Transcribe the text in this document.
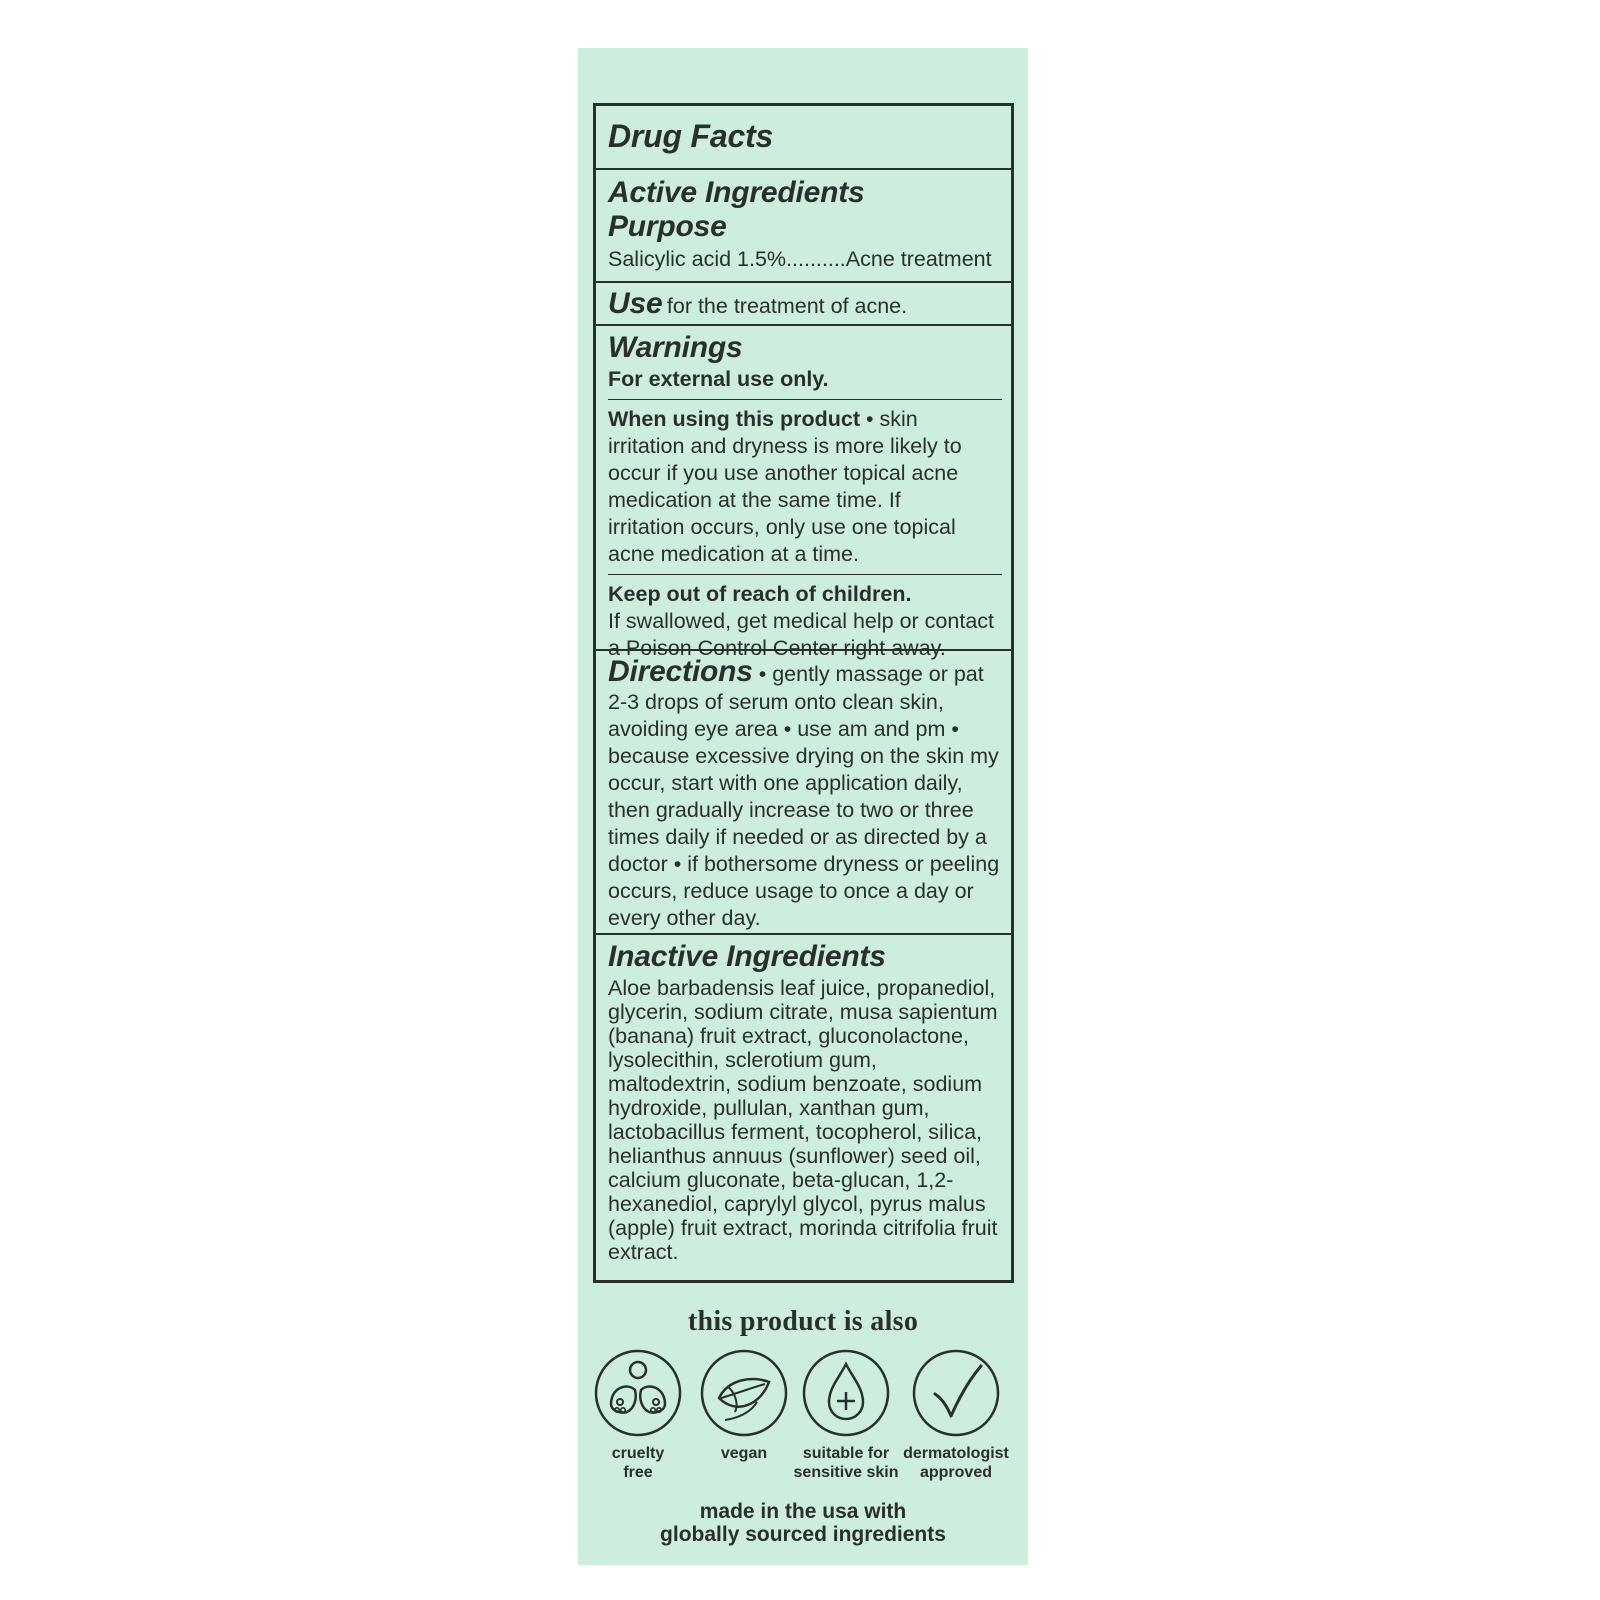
Drug Facts
Active Ingredients
Purpose
Salicylic acid 1.5%..........Acne treatment
Use for the treatment of acne.
Warnings
For external use only.
When using this product • skin irritation and dryness is more likely to occur if you use another topical acne medication at the same time. If irritation occurs, only use one topical acne medication at a time.
Keep out of reach of children.
If swallowed, get medical help or contact a Poison Control Center right away.
Directions • gently massage or pat 2-3 drops of serum onto clean skin, avoiding eye area • use am and pm • because excessive drying on the skin my occur, start with one application daily, then gradually increase to two or three times daily if needed or as directed by a doctor • if bothersome dryness or peeling occurs, reduce usage to once a day or every other day.
Inactive Ingredients
Aloe barbadensis leaf juice, propanediol, glycerin, sodium citrate, musa sapientum (banana) fruit extract, gluconolactone, lysolecithin, sclerotium gum, maltodextrin, sodium benzoate, sodium hydroxide, pullulan, xanthan gum, lactobacillus ferment, tocopherol, silica, helianthus annuus (sunflower) seed oil, calcium gluconate, beta-glucan, 1,2-hexanediol, caprylyl glycol, pyrus malus (apple) fruit extract, morinda citrifolia fruit extract.
this product is also
cruelty
free
vegan	suitable for
sensitive skin
dermatologist
approved
made in the usa with
globally sourced ingredients
